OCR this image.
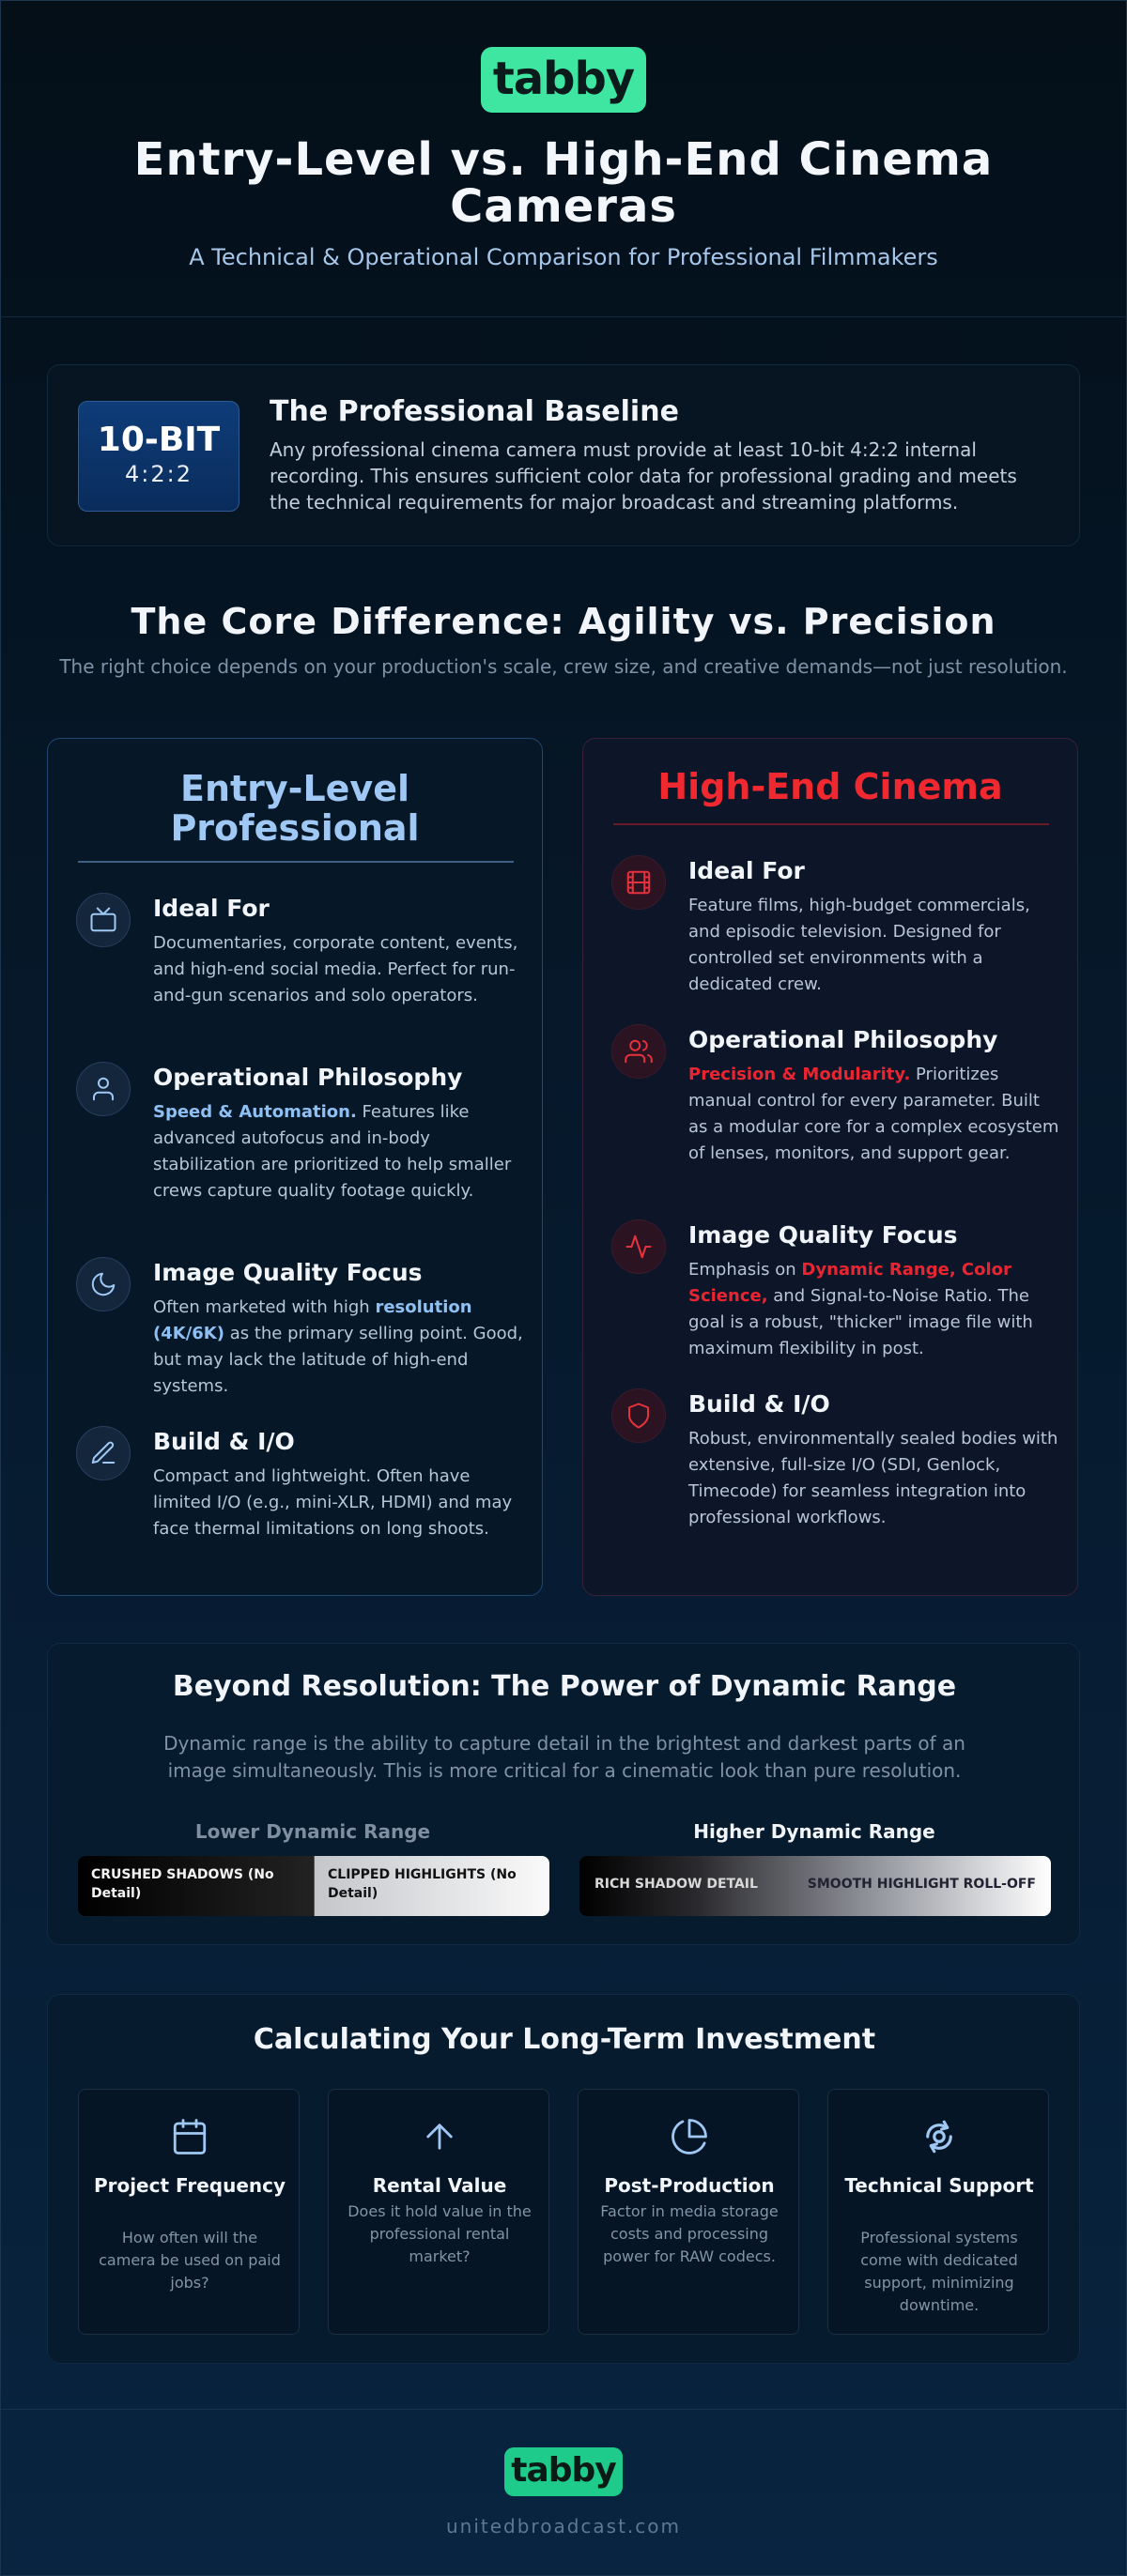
tabby
Entry-Level vs. High-End Cinema Cameras
A Technical & Operational Comparison for Professional Filmmakers
10-BIT
4:2:2
The Professional Baseline
Any professional cinema camera must provide at least 10-bit 4:2:2 internal recording. This ensures sufficient color data for professional grading and meets the technical requirements for major broadcast and streaming platforms.
The Core Difference: Agility vs. Precision
The right choice depends on your production's scale, crew size, and creative demands—not just resolution.
Entry-Level Professional
Ideal For
Documentaries, corporate content, events, and high-end social media. Perfect for run-and-gun scenarios and solo operators.
Operational Philosophy
Speed & Automation. Features like advanced autofocus and in-body stabilization are prioritized to help smaller crews capture quality footage quickly.
Image Quality Focus
Often marketed with high resolution (4K/6K) as the primary selling point. Good, but may lack the latitude of high-end systems.
Build & I/O
Compact and lightweight. Often have limited I/O (e.g., mini-XLR, HDMI) and may face thermal limitations on long shoots.
High-End Cinema
Ideal For
Feature films, high-budget commercials, and episodic television. Designed for controlled set environments with a dedicated crew.
Operational Philosophy
Precision & Modularity. Prioritizes manual control for every parameter. Built as a modular core for a complex ecosystem of lenses, monitors, and support gear.
Image Quality Focus
Emphasis on Dynamic Range, Color Science, and Signal-to-Noise Ratio. The goal is a robust, "thicker" image file with maximum flexibility in post.
Build & I/O
Robust, environmentally sealed bodies with extensive, full-size I/O (SDI, Genlock, Timecode) for seamless integration into professional workflows.
Beyond Resolution: The Power of Dynamic Range
Dynamic range is the ability to capture detail in the brightest and darkest parts of an image simultaneously. This is more critical for a cinematic look than pure resolution.
Lower Dynamic Range	Higher Dynamic Range
CRUSHED SHADOWS (No Detail)
CLIPPED HIGHLIGHTS (No Detail)
RICH SHADOW DETAIL	SMOOTH HIGHLIGHT ROLL-OFF
Calculating Your Long-Term Investment
Project Frequency
How often will the camera be used on paid jobs?
Rental Value
Does it hold value in the professional rental market?
Post-Production
Factor in media storage costs and processing power for RAW codecs.
Technical Support
Professional systems come with dedicated support, minimizing downtime.
tabby
unitedbroadcast.com
